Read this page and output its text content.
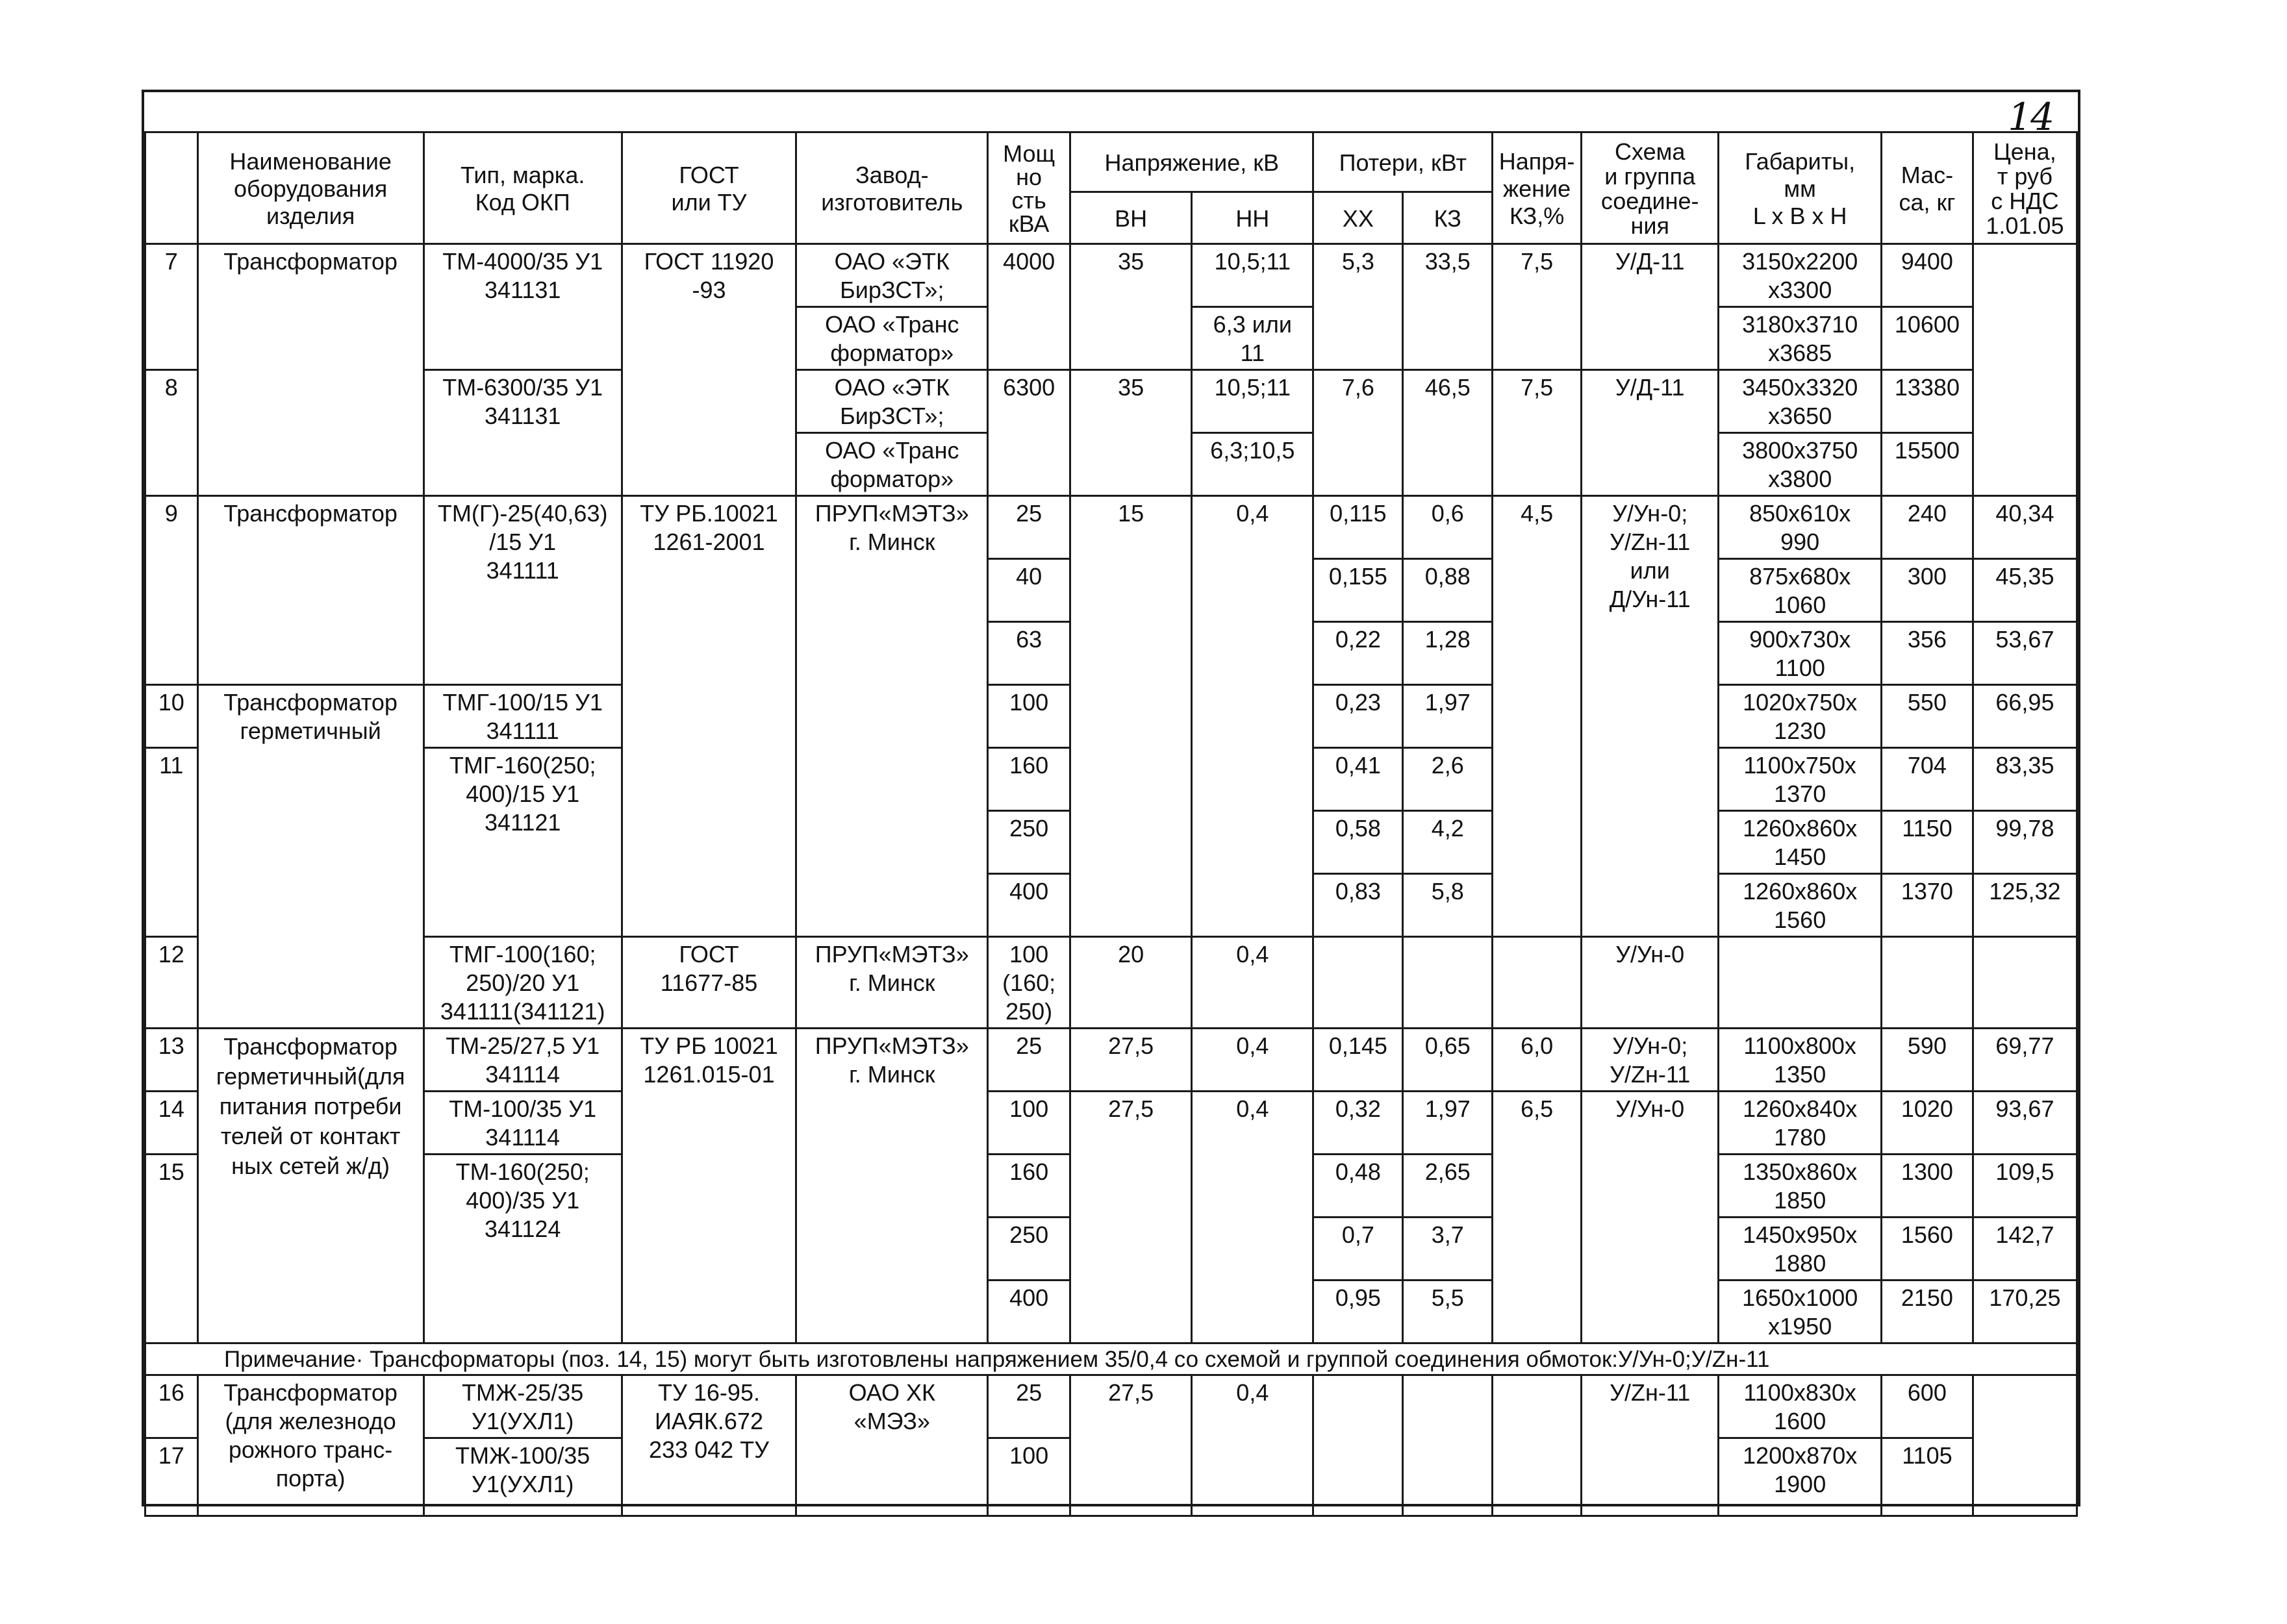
14
	Наименование
оборудования
изделия	Тип, марка.
Код ОКП	ГОСТ
или ТУ	Завод-
изготовитель	Мощ
но
сть
кВА	Напряжение, кВ		Потери, кВт		Напря-
жение
КЗ,%	Схема
и группа
соедине-
ния	Габариты,
мм
L x B x H	Мас-
са, кг	Цена,
т руб
с НДС
1.01.05
						ВН	НН	ХХ	КЗ					
7	Трансформатор	ТМ-4000/35 У1
341131	ГОСТ 11920
-93	ОАО «ЭТК
БирЗСТ»;	4000	35	10,5;11	5,3	33,5	7,5	У/Д-11	3150x2200
x3300	9400	
				ОАО «Транс
форматор»			6,3 или
11					3180x3710
x3685	10600	
8		ТМ-6300/35 У1
341131		ОАО «ЭТК
БирЗСТ»;	6300	35	10,5;11	7,6	46,5	7,5	У/Д-11	3450x3320
x3650	13380	
				ОАО «Транс
форматор»			6,3;10,5					3800x3750
x3800	15500	
9	Трансформатор	ТМ(Г)-25(40,63)
/15 У1
341111	ТУ РБ.10021
1261-2001	ПРУП«МЭТЗ»
г. Минск	25	15	0,4	0,115	0,6	4,5	У/Ун-0;
У/Zн-11
или
Д/Ун-11	850x610x
990	240	40,34
					40			0,155	0,88			875x680x
1060	300	45,35
					63			0,22	1,28			900x730x
1100	356	53,67
10	Трансформатор
герметичный	ТМГ-100/15 У1
341111			100			0,23	1,97			1020x750x
1230	550	66,95
11		ТМГ-160(250;
400)/15 У1
341121			160			0,41	2,6			1100x750x
1370	704	83,35
					250			0,58	4,2			1260x860x
1450	1150	99,78
					400			0,83	5,8			1260x860x
1560	1370	125,32
12		ТМГ-100(160;
250)/20 У1
341111(341121)	ГОСТ
11677-85	ПРУП«МЭТЗ»
г. Минск	100
(160;
250)	20	0,4				У/Ун-0			
13	Трансформатор
герметичный(для
питания потреби
телей от контакт
ных сетей ж/д)	ТМ-25/27,5 У1
341114	ТУ РБ 10021
1261.015-01	ПРУП«МЭТЗ»
г. Минск	25	27,5	0,4	0,145	0,65	6,0	У/Ун-0;
У/Zн-11	1100x800x
1350	590	69,77
14		ТМ-100/35 У1
341114			100	27,5	0,4	0,32	1,97	6,5	У/Ун-0	1260x840x
1780	1020	93,67
15		ТМ-160(250;
400)/35 У1
341124			160			0,48	2,65			1350x860x
1850	1300	109,5
					250			0,7	3,7			1450x950x
1880	1560	142,7
					400			0,95	5,5			1650x1000
x1950	2150	170,25
Примечание· Трансформаторы (поз. 14, 15) могут быть изготовлены напряжением 35/0,4 со схемой и группой соединения обмоток:У/Ун-0;У/Zн-11														
16	Трансформатор
(для железнодо
рожного транс-
порта)	ТМЖ-25/35
У1(УХЛ1)	ТУ 16-95.
ИАЯК.672
233 042 ТУ	ОАО ХК
«МЭЗ»	25	27,5	0,4				У/Zн-11	1100x830x
1600	600	
17		ТМЖ-100/35
У1(УХЛ1)			100							1200x870x
1900	1105	
